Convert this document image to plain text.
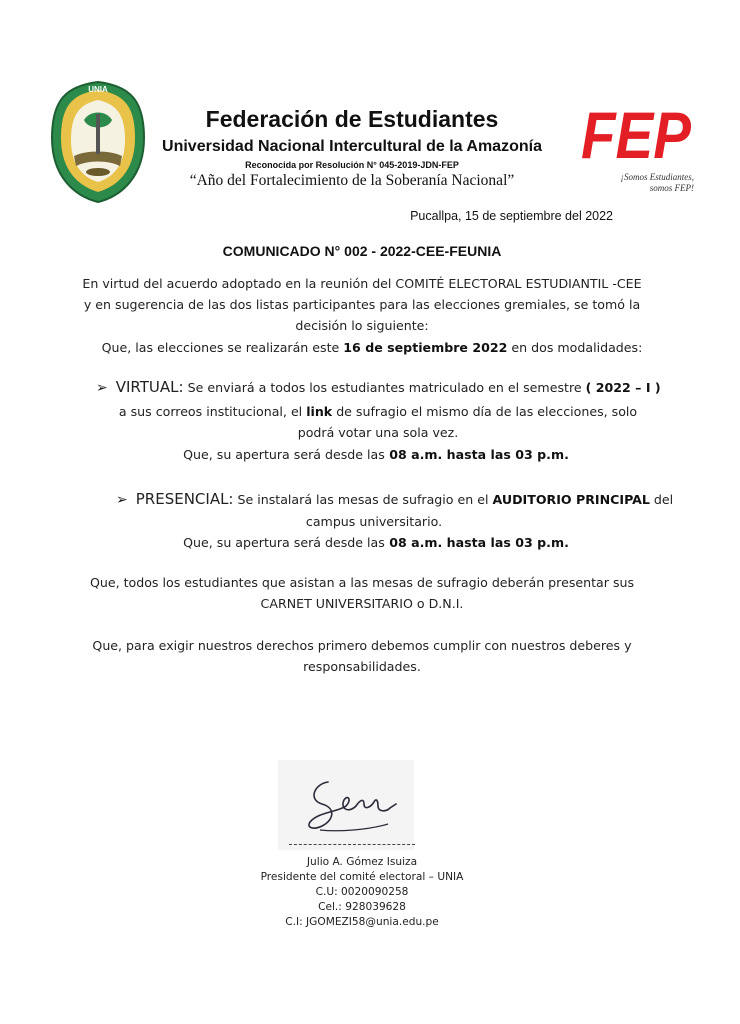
UNIA
Federación de Estudiantes
Universidad Nacional Intercultural de la Amazonía
Reconocida por Resolución N° 045-2019-JDN-FEP
“Año del Fortalecimiento de la Soberanía Nacional”
FEP
¡Somos Estudiantes,
somos FEP!
Pucallpa, 15 de septiembre del 2022
COMUNICADO N° 002 - 2022-CEE-FEUNIA
En virtud del acuerdo adoptado en la reunión del COMITÉ ELECTORAL ESTUDIANTIL -CEE
y en sugerencia de las dos listas participantes para las elecciones gremiales, se tomó la
decisión lo siguiente:
Que, las elecciones se realizarán este 16 de septiembre 2022 en dos modalidades:
➢ VIRTUAL: Se enviará a todos los estudiantes matriculado en el semestre ( 2022 – I )
a sus correos institucional, el link de sufragio el mismo día de las elecciones, solo
podrá votar una sola vez.
Que, su apertura será desde las 08 a.m. hasta las 03 p.m.
➢ PRESENCIAL: Se instalará las mesas de sufragio en el AUDITORIO PRINCIPAL del
campus universitario.
Que, su apertura será desde las 08 a.m. hasta las 03 p.m.
Que, todos los estudiantes que asistan a las mesas de sufragio deberán presentar sus
CARNET UNIVERSITARIO o D.N.I.
Que, para exigir nuestros derechos primero debemos cumplir con nuestros deberes y
responsabilidades.
Julio A. Gómez Isuiza
Presidente del comité electoral – UNIA
C.U: 0020090258
Cel.: 928039628
C.I: JGOMEZI58@unia.edu.pe
